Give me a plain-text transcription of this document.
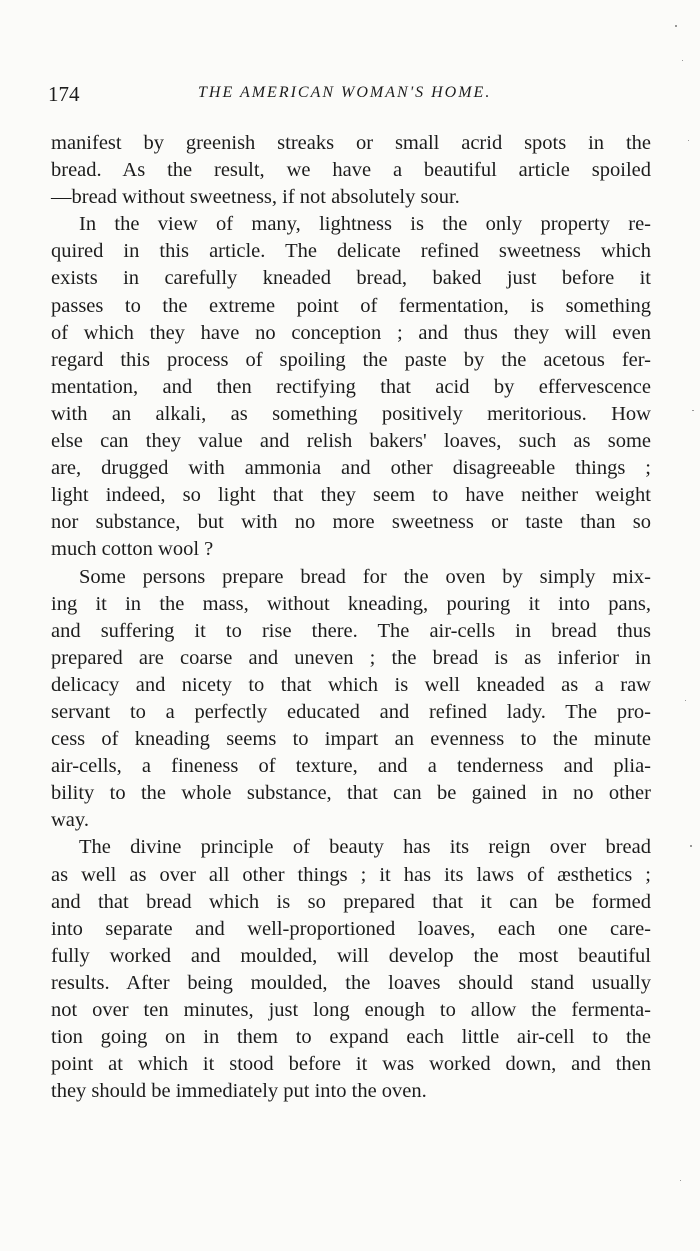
174	THE AMERICAN WOMAN'S HOME.
manifest by greenish streaks or small acrid spots in the
bread. As the result, we have a beautiful article spoiled
—bread without sweetness, if not absolutely sour.
In the view of many, lightness is the only property re-
quired in this article. The delicate refined sweetness which
exists in carefully kneaded bread, baked just before it
passes to the extreme point of fermentation, is something
of which they have no conception ; and thus they will even
regard this process of spoiling the paste by the acetous fer-
mentation, and then rectifying that acid by effervescence
with an alkali, as something positively meritorious. How
else can they value and relish bakers' loaves, such as some
are, drugged with ammonia and other disagreeable things ;
light indeed, so light that they seem to have neither weight
nor substance, but with no more sweetness or taste than so
much cotton wool ?
Some persons prepare bread for the oven by simply mix-
ing it in the mass, without kneading, pouring it into pans,
and suffering it to rise there. The air-cells in bread thus
prepared are coarse and uneven ; the bread is as inferior in
delicacy and nicety to that which is well kneaded as a raw
servant to a perfectly educated and refined lady. The pro-
cess of kneading seems to impart an evenness to the minute
air-cells, a fineness of texture, and a tenderness and plia-
bility to the whole substance, that can be gained in no other
way.
The divine principle of beauty has its reign over bread
as well as over all other things ; it has its laws of æsthetics ;
and that bread which is so prepared that it can be formed
into separate and well-proportioned loaves, each one care-
fully worked and moulded, will develop the most beautiful
results. After being moulded, the loaves should stand usually
not over ten minutes, just long enough to allow the fermenta-
tion going on in them to expand each little air-cell to the
point at which it stood before it was worked down, and then
they should be immediately put into the oven.
